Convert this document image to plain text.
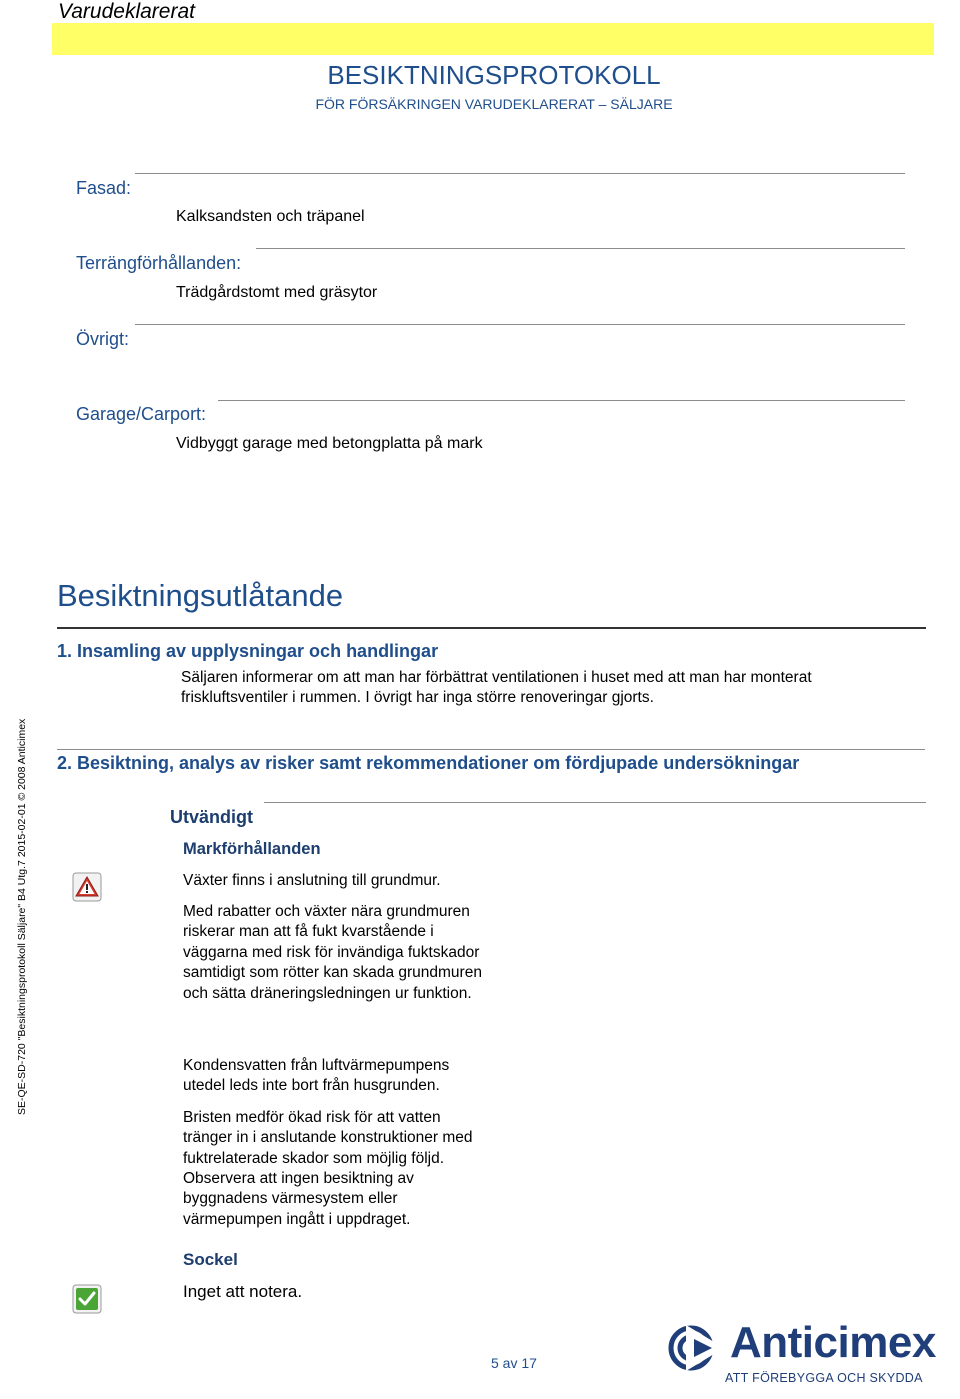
Varudeklarerat
BESIKTNINGSPROTOKOLL
FÖR FÖRSÄKRINGEN VARUDEKLARERAT – SÄLJARE
Fasad:
Kalksandsten och träpanel
Terrängförhållanden:
Trädgårdstomt med gräsytor
Övrigt:
Garage/Carport:
Vidbyggt garage med betongplatta på mark
Besiktningsutlåtande
1. Insamling av upplysningar och handlingar
Säljaren informerar om att man har förbättrat ventilationen i huset med att man har monterat
friskluftsventiler i rummen. I övrigt har inga större renoveringar gjorts.
2. Besiktning, analys av risker samt rekommendationer om fördjupade undersökningar
Utvändigt
Markförhållanden
Växter finns i anslutning till grundmur.
Med rabatter och växter nära grundmuren
riskerar man att få fukt kvarstående i
väggarna med risk för invändiga fuktskador
samtidigt som rötter kan skada grundmuren
och sätta dräneringsledningen ur funktion.
Kondensvatten från luftvärmepumpens
utedel leds inte bort från husgrunden.
Bristen medför ökad risk för att vatten
tränger in i anslutande konstruktioner med
fuktrelaterade skador som möjlig följd.
Observera att ingen besiktning av
byggnadens värmesystem eller
värmepumpen ingått i uppdraget.
Sockel
Inget att notera.
SE-QE-SD-720 "Besiktningsprotokoll Säljare" B4 Utg.7 2015-02-01 © 2008 Anticimex
5 av 17	Anticimex
ATT FÖREBYGGA OCH SKYDDA
